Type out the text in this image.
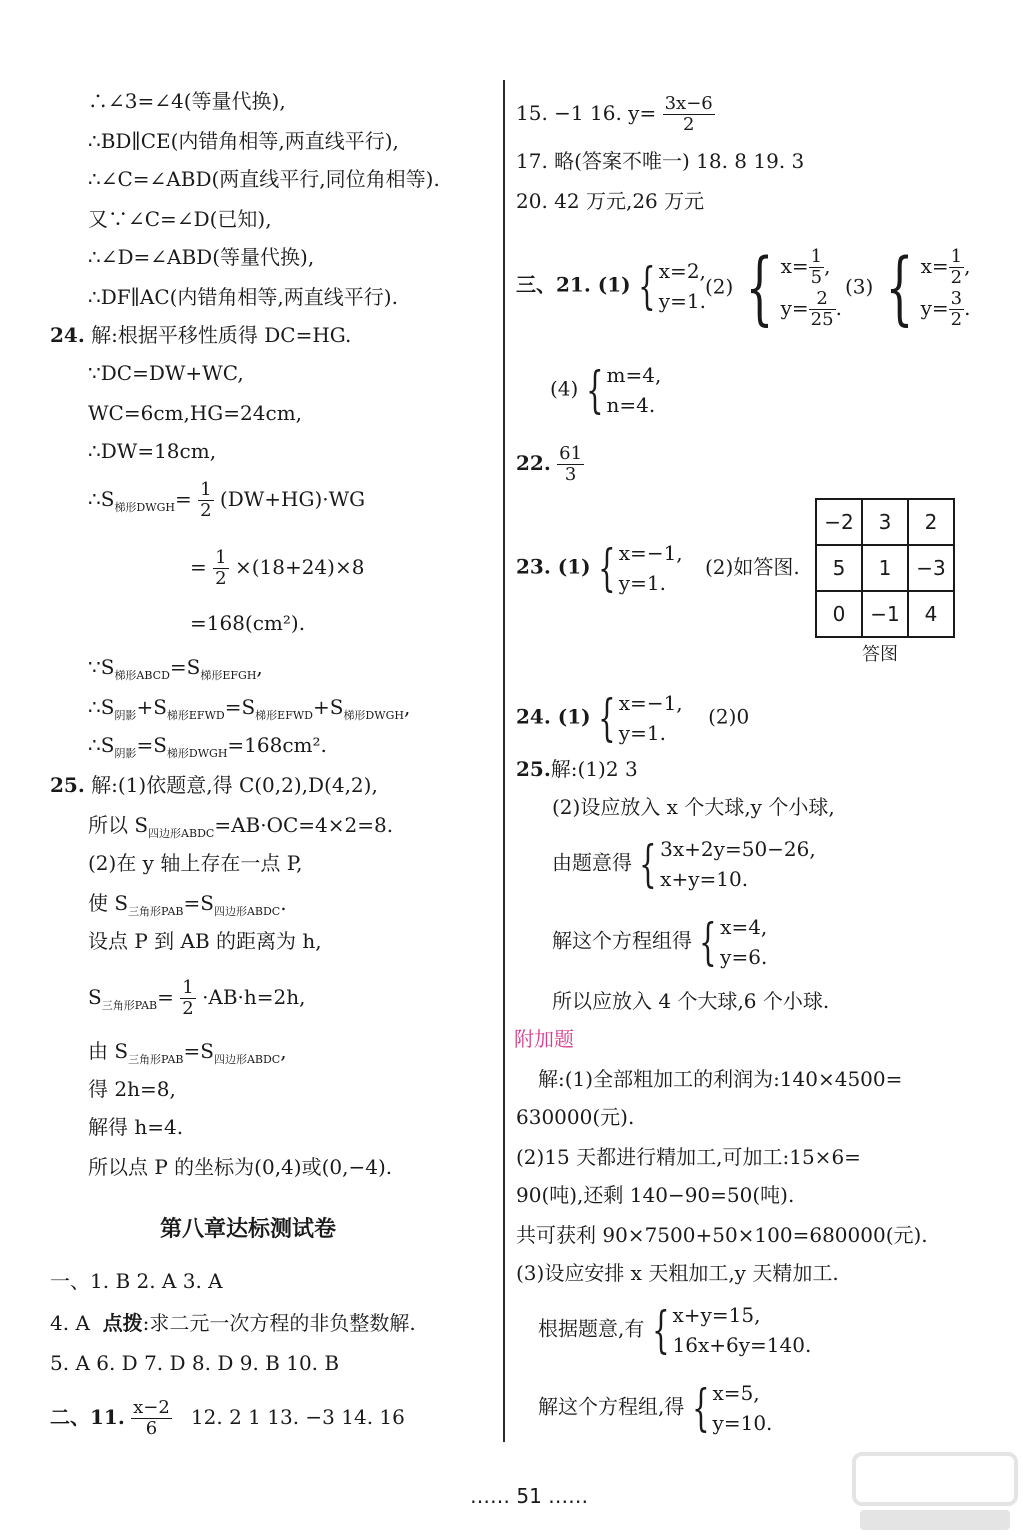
∴∠3=∠4(等量代换),
∴BD∥CE(内错角相等,两直线平行),
∴∠C=∠ABD(两直线平行,同位角相等).
又∵∠C=∠D(已知),
∴∠D=∠ABD(等量代换),
∴DF∥AC(内错角相等,两直线平行).
24. 解:根据平移性质得 DC=HG.
∵DC=DW+WC,
WC=6cm,HG=24cm,
∴DW=18cm,
$\therefore S_{梯形DWGH}= \frac{1}{2} (DW+HG)\cdot WG$
= $\frac{1}{2} \times(18+24)\times 8$
=168(cm²).
$\because S_{梯形ABCD}=S_{梯形EFGH}$,
$\therefore S_{阴影}+S_{梯形EFWD}=S_{梯形EFWD}+S_{梯形DWGH}$,
$\therefore S_{阴影}=S_{梯形DWGH}=168cm^2$.
25. 解:(1)依题意,得 C(0,2),D(4,2),
所以 $S_{四边形ABDC}=AB\cdot OC=4\times 2=8$.
(2)在 y 轴上存在一点 P,
使 $S_{三角形PAB}=S_{四边形ABDC}$.
设点 P 到 AB 的距离为 h,
$S_{三角形PAB}= \frac{1}{2} \cdot AB\cdot h=2h$,
由 $S_{三角形PAB}=S_{四边形ABDC}$,
得 2h=8,
解得 h=4.
所以点 P 的坐标为(0,4)或(0,−4).
第八章达标测试卷
一、1. B 2. A 3. A
4. A 点拨:求二元一次方程的非负整数解.
5. A 6. D 7. D 8. D 9. B 10. B
二、11. $\frac{x-2}{6} 12$. 2 1 13. −3 14. 16
15. −1 16. $y= \frac{3x-6}{2}$
17. 略(答案不唯一) 18. 8 19. 3
20. 42 万元,26 万元
三、21. (1) { x=2,
y=1.
(2) { $x= \frac{1}{5}$ ,
$y= \frac{2}{25}$ .
(3) { $x= \frac{1}{2}$ ,
$y= \frac{3}{2}$ .
(4) { m=4,
n=4.
22. $\frac{61}{3}$
23. (1) { x=−1,
y=1.
(2)如答图.
−2	3	2
5	1	−3
0	−1	4
答图
24. (1) { x=−1,
y=1.
(2)0
25.解:(1)2 3
(2)设应放入 x 个大球,y 个小球,
由题意得 { 3x+2y=50−26,
x+y=10.
解这个方程组得 { x=4,
y=6.
所以应放入 4 个大球,6 个小球.
附加题
解:(1)全部粗加工的利润为:140×4500=
630000(元).
(2)15 天都进行精加工,可加工:15×6=
90(吨),还剩 140−90=50(吨).
共可获利 90×7500+50×100=680000(元).
(3)设应安排 x 天粗加工,y 天精加工.
根据题意,有 { x+y=15,
16x+6y=140.
解这个方程组,得 { x=5,
y=10.
…… 51 ……
